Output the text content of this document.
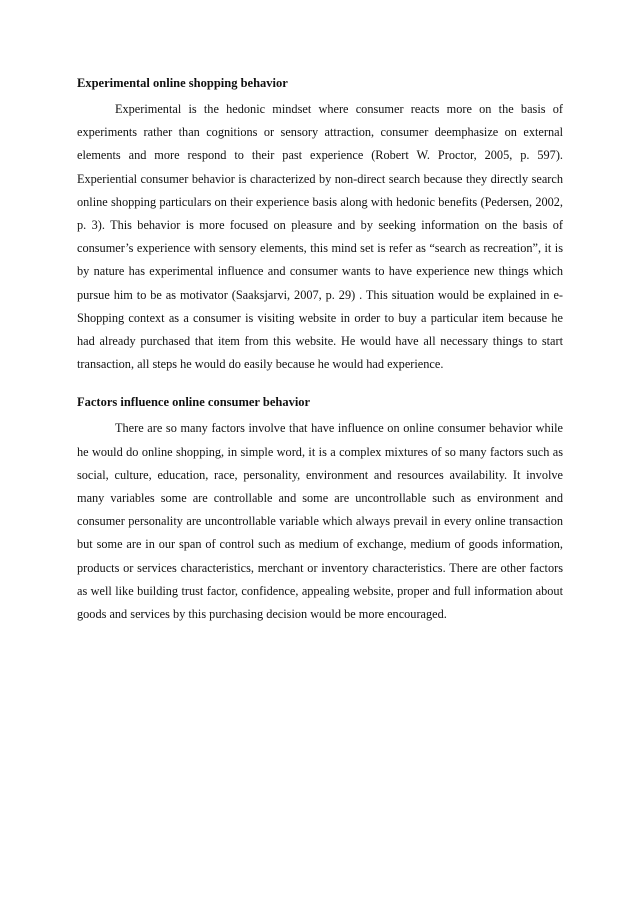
Experimental online shopping behavior

Experimental is the hedonic mindset where consumer reacts more on the basis of experiments rather than cognitions or sensory attraction, consumer deemphasize on external elements and more respond to their past experience (Robert W. Proctor, 2005, p. 597). Experiential consumer behavior is characterized by non-direct search because they directly search online shopping particulars on their experience basis along with hedonic benefits (Pedersen, 2002, p. 3). This behavior is more focused on pleasure and by seeking information on the basis of consumer’s experience with sensory elements, this mind set is refer as “search as recreation”, it is by nature has experimental influence and consumer wants to have experience new things which pursue him to be as motivator (Saaksjarvi, 2007, p. 29) . This situation would be explained in e-Shopping context as a consumer is visiting website in order to buy a particular item because he had already purchased that item from this website. He would have all necessary things to start transaction, all steps he would do easily because he would had experience.

Factors influence online consumer behavior

There are so many factors involve that have influence on online consumer behavior while he would do online shopping, in simple word, it is a complex mixtures of so many factors such as social, culture, education, race, personality, environment and resources availability. It involve many variables some are controllable and some are uncontrollable such as environment and consumer personality are uncontrollable variable which always prevail in every online transaction but some are in our span of control such as medium of exchange, medium of goods information, products or services characteristics, merchant or inventory characteristics. There are other factors as well like building trust factor, confidence, appealing website, proper and full information about goods and services by this purchasing decision would be more encouraged.
